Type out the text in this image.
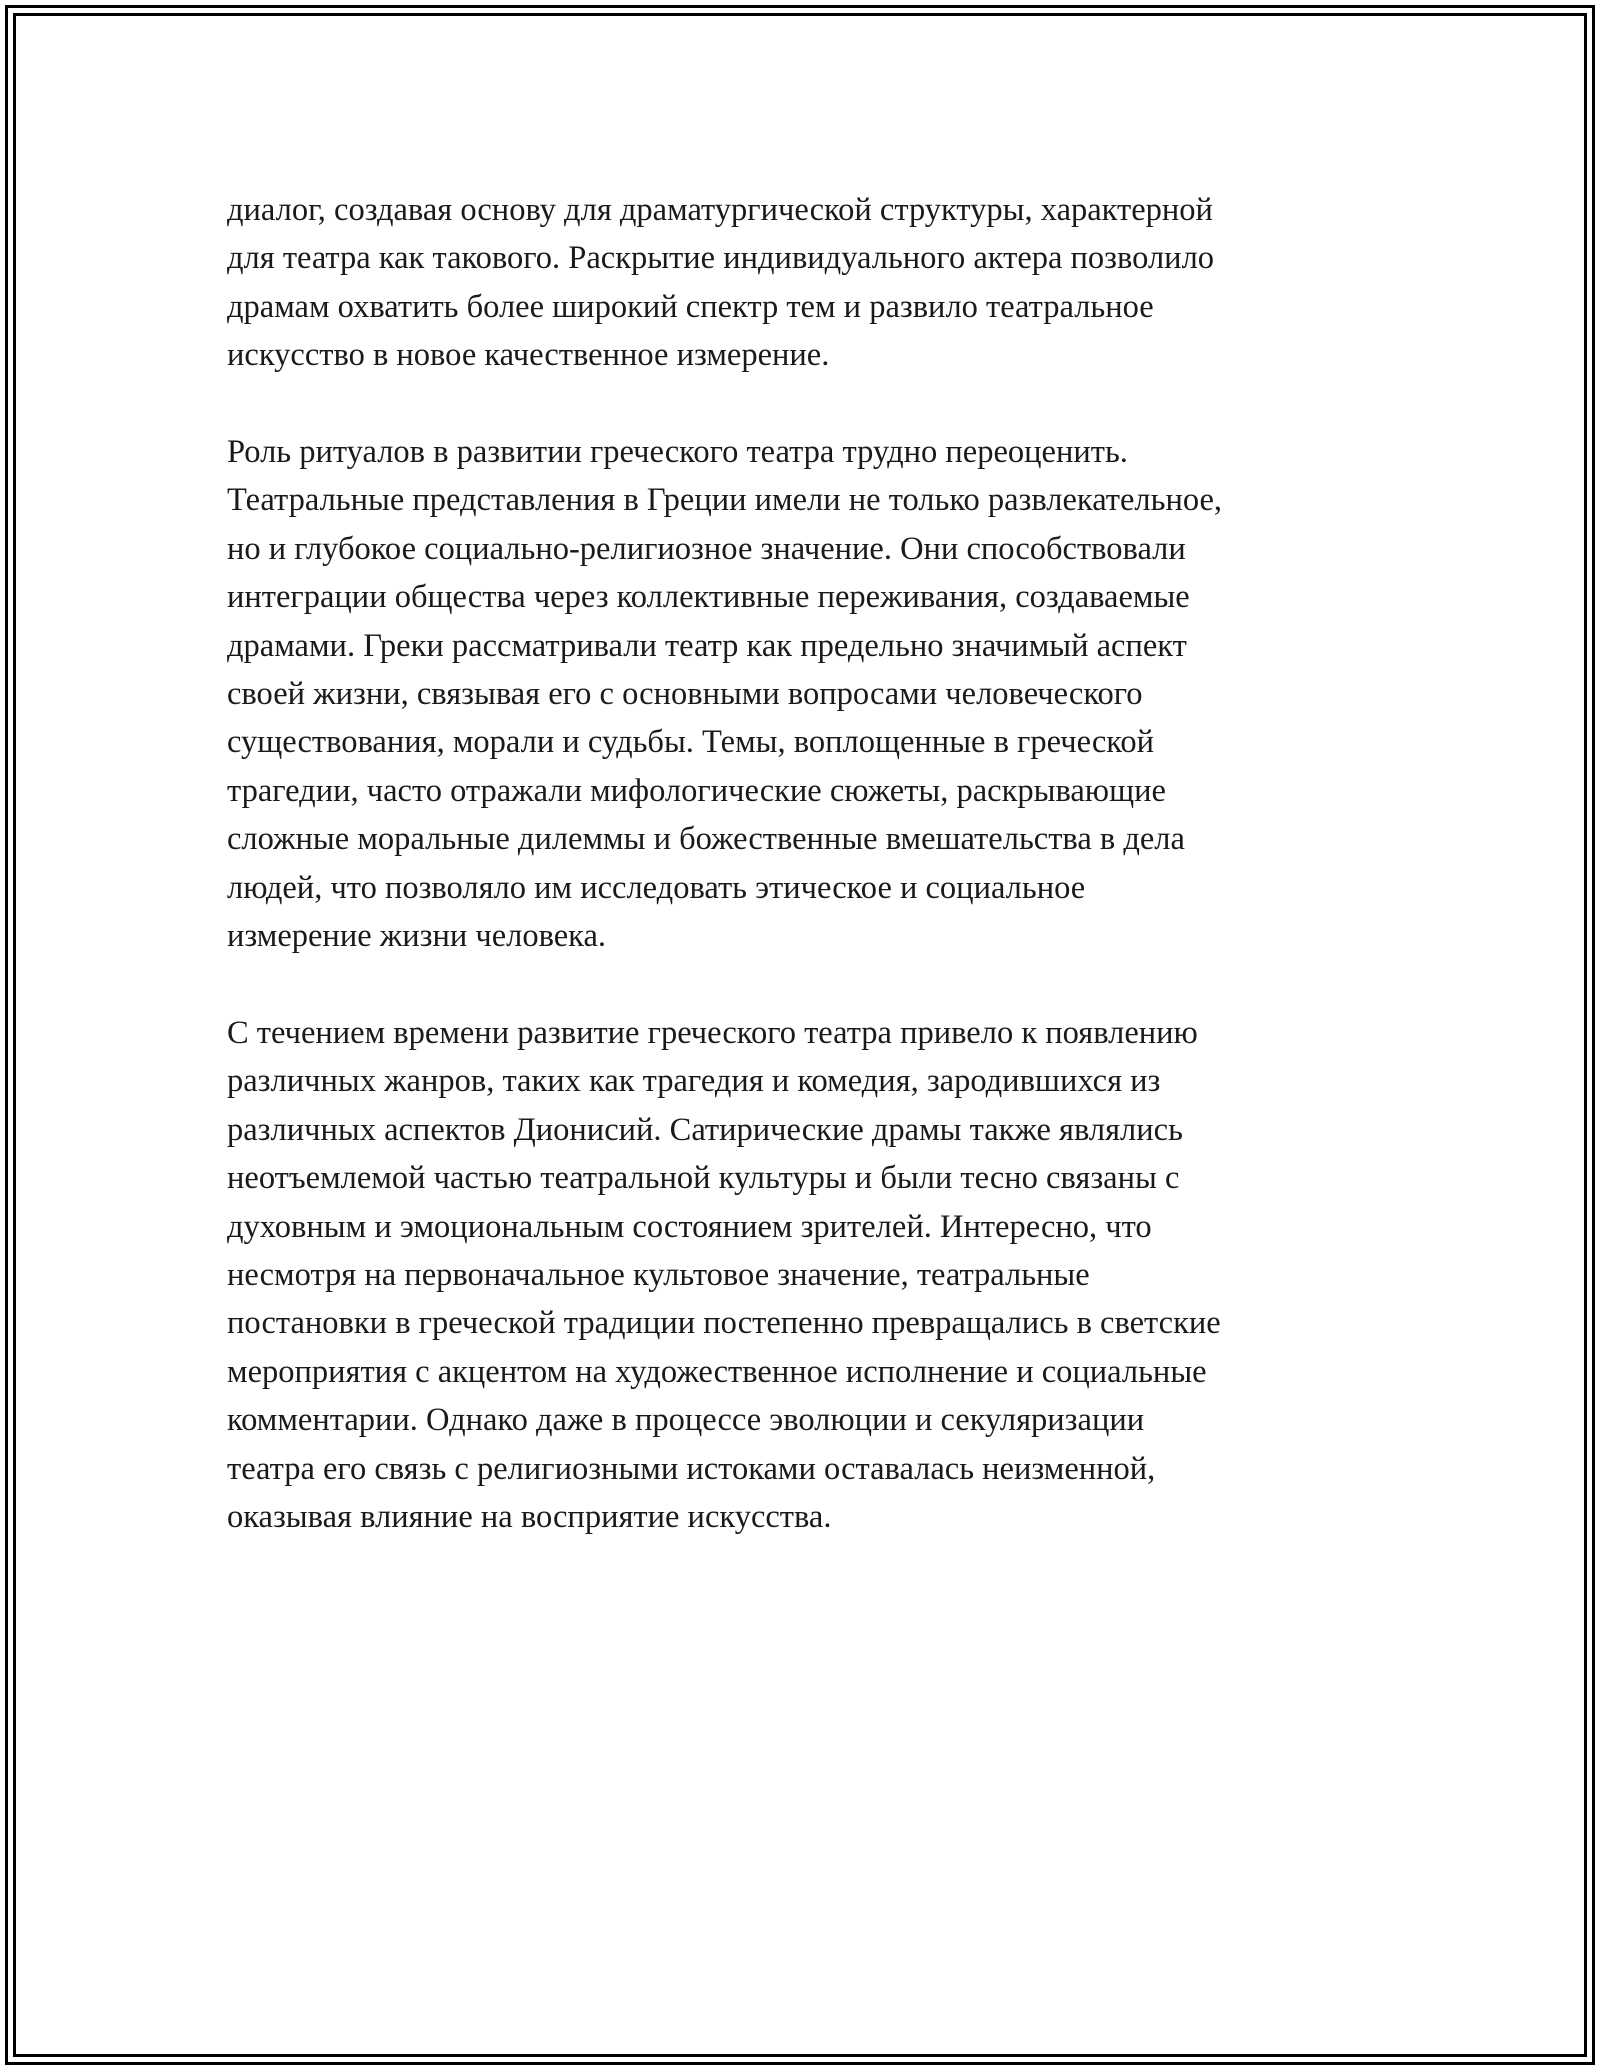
диалог, создавая основу для драматургической структуры, характерной
для театра как такового. Раскрытие индивидуального актера позволило
драмам охватить более широкий спектр тем и развило театральное
искусство в новое качественное измерение.

Роль ритуалов в развитии греческого театра трудно переоценить.
Театральные представления в Греции имели не только развлекательное,
но и глубокое социально-религиозное значение. Они способствовали
интеграции общества через коллективные переживания, создаваемые
драмами. Греки рассматривали театр как предельно значимый аспект
своей жизни, связывая его с основными вопросами человеческого
существования, морали и судьбы. Темы, воплощенные в греческой
трагедии, часто отражали мифологические сюжеты, раскрывающие
сложные моральные дилеммы и божественные вмешательства в дела
людей, что позволяло им исследовать этическое и социальное
измерение жизни человека.

С течением времени развитие греческого театра привело к появлению
различных жанров, таких как трагедия и комедия, зародившихся из
различных аспектов Дионисий. Сатирические драмы также являлись
неотъемлемой частью театральной культуры и были тесно связаны с
духовным и эмоциональным состоянием зрителей. Интересно, что
несмотря на первоначальное культовое значение, театральные
постановки в греческой традиции постепенно превращались в светские
мероприятия с акцентом на художественное исполнение и социальные
комментарии. Однако даже в процессе эволюции и секуляризации
театра его связь с религиозными истоками оставалась неизменной,
оказывая влияние на восприятие искусства.
